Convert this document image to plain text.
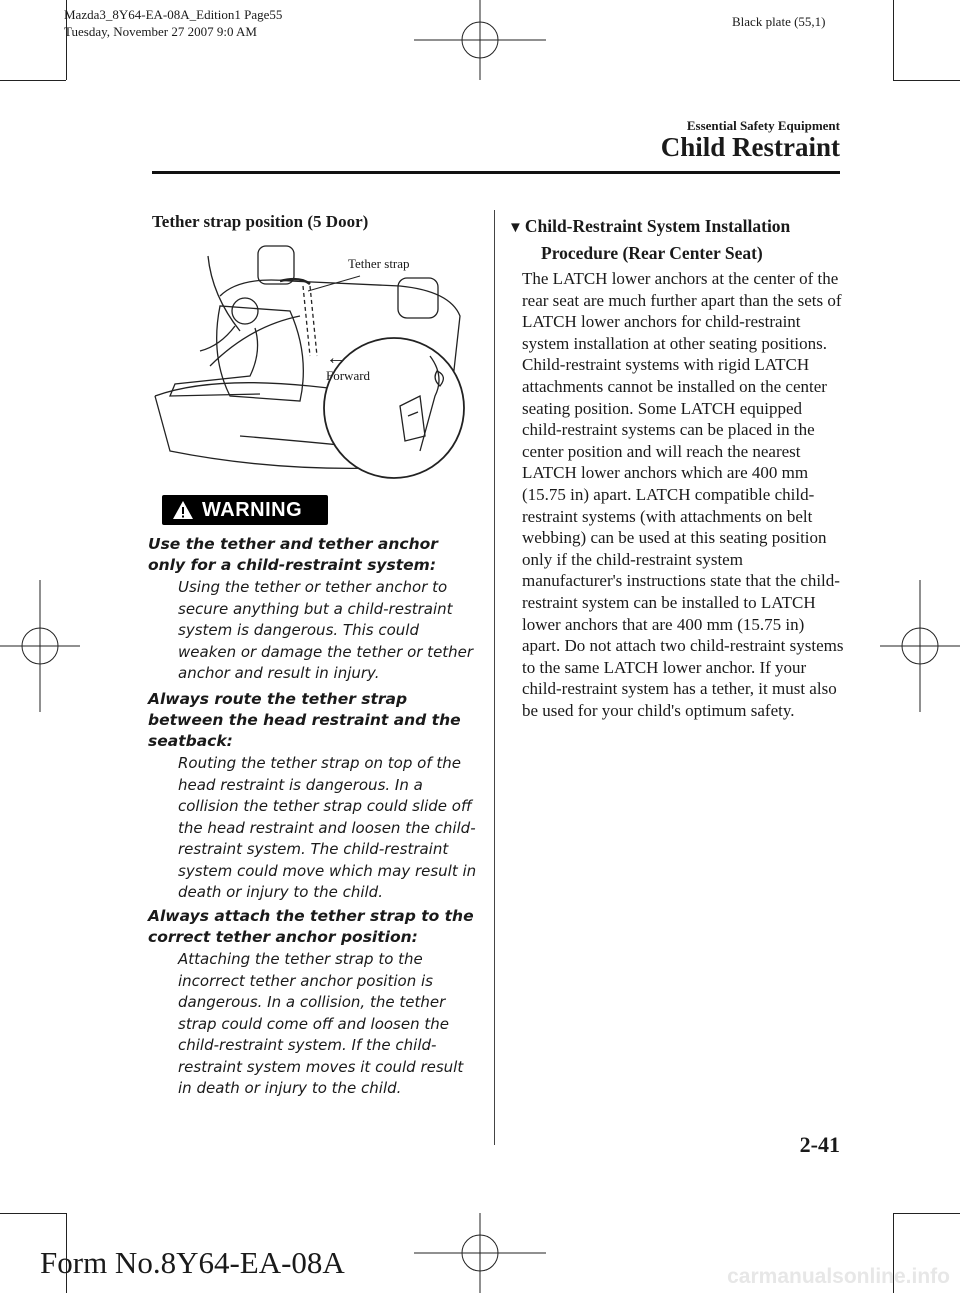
Mazda3_8Y64-EA-08A_Edition1 Page55
Tuesday, November 27 2007 9:0 AM
Black plate (55,1)
Essential Safety Equipment
Child Restraint
Tether strap position (5 Door)
Tether strap
←
Forward
WARNING
Use the tether and tether anchor only for a child-restraint system:
Using the tether or tether anchor to secure anything but a child-restraint system is dangerous. This could weaken or damage the tether or tether anchor and result in injury.
Always route the tether strap between the head restraint and the seatback:
Routing the tether strap on top of the head restraint is dangerous. In a collision the tether strap could slide off the head restraint and loosen the child-restraint system. The child-restraint system could move which may result in death or injury to the child.
Always attach the tether strap to the correct tether anchor position:
Attaching the tether strap to the incorrect tether anchor position is dangerous. In a collision, the tether strap could come off and loosen the child-restraint system. If the child-restraint system moves it could result in death or injury to the child.
▼ Child-Restraint System Installation
Procedure (Rear Center Seat)
The LATCH lower anchors at the center of the rear seat are much further apart than the sets of LATCH lower anchors for child-restraint system installation at other seating positions. Child-restraint systems with rigid LATCH attachments cannot be installed on the center seating position. Some LATCH equipped child-restraint systems can be placed in the center position and will reach the nearest LATCH lower anchors which are 400 mm (15.75 in) apart. LATCH compatible child-restraint systems (with attachments on belt webbing) can be used at this seating position only if the child-restraint system manufacturer's instructions state that the child-restraint system can be installed to LATCH lower anchors that are 400 mm (15.75 in) apart. Do not attach two child-restraint systems to the same LATCH lower anchor. If your child-restraint system has a tether, it must also be used for your child's optimum safety.
2-41
Form No.8Y64-EA-08A	carmanualsonline.info
